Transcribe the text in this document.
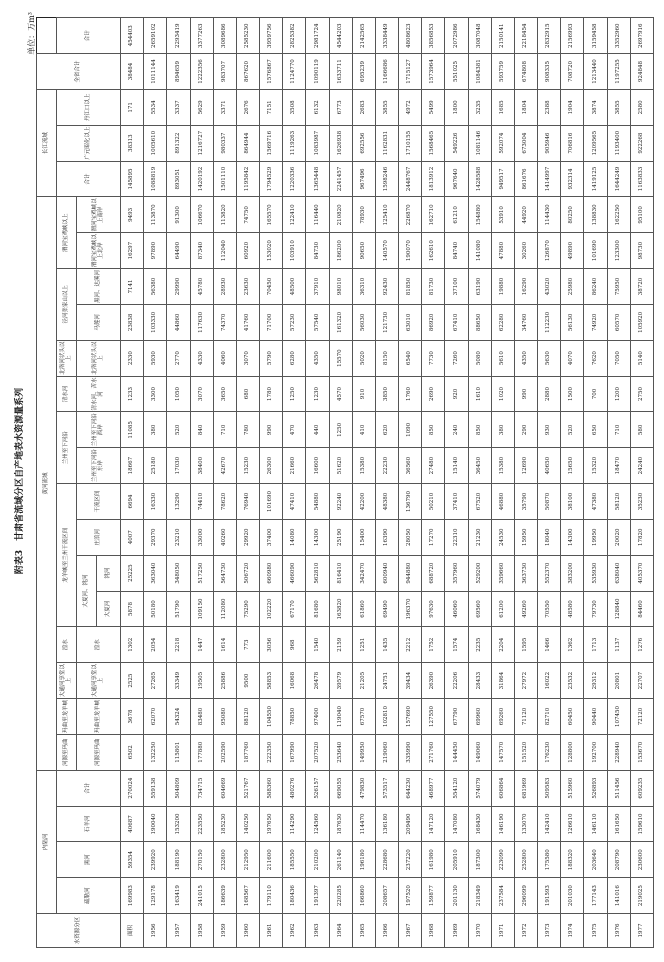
附表3　甘肃省流域分区自产地表水资源量系列
单位：万m³
水资源分区	内陆河				黄河流域																长江流域			全省合计	
	疏勒河	黑河	石羊河	合计	河源至玛曲	玛曲至龙羊峡	大通河享堂以上	湟水	龙羊峡至兰州干流区间				兰州至下河沿		清水河	北洛河状头以上	泾河张家山以上		渭河宝鸡峡以上		合计	广元昭化以上	丹江口以上		合计
					河源至玛曲	玛曲至龙羊峡	大通河享堂以上	湟水	大夏河、洮河		庄浪河	干流区间	兰州至下河沿东岸	兰州至下河沿西岸	清水河、苦水河	北洛河状头以上	马莲河	黑河、达溪河	渭河宝鸡峡以上北岸	渭河宝鸡峡以上南岸					
									大夏河	洮河															
面积	169983	59354	40687	270024	6502	3678	2525	1302	5878	25225	4007	6694	18667	11085	1233	2330	23838	7141	16297	9493	145895	38313	171	38484	454403
1956	129178	239920	190040	559138	132250	62070	27265	2054	50180	363040	29370	16330	25180	380	3300	5930	103330	56380	97890	113870	1088819	1005610	5534	1011144	2659102
1957	163419	188190	153200	504809	115801	54324	33349	2218	51790	348050	23210	13290	17030	520	1050	2770	44860	29990	64490	91300	893051	891322	3337	894659	2293419
1958	241015	270150	223550	734715	177880	83480	19505	1447	109150	517250	33000	74410	38400	840	3070	4330	117630	45780	87340	106670	1420192	1216727	5629	1222356	3377263
1959	186639	232800	185230	604669	202590	95080	25886	1614	112080	564730	40260	78620	42670	710	3650	4060	74370	28930	112040	113820	1501110	980337	3371	983707	3089686
1960	168567	212950	140250	521767	187760	88120	9500	773	75290	506720	29920	76940	15230	780	680	3070	41760	23630	60920	74750	1195842	864944	2676	867620	2585230
1961	179110	211600	197650	588360	222350	104550	58853	3056	102220	660980	37400	101690	26300	990	1780	5790	71700	70450	153020	165570	1794529	1569716	7151	1576867	3959756
1962	180436	185550	114290	480276	167990	78850	16068	968	67170	466090	14080	47410	21660	470	1250	6280	57230	48500	103910	122410	1220336	1119263	3508	1124770	2825382
1963	191397	210200	124560	526157	207520	97400	26478	1540	81680	562810	14300	54880	16600	440	1230	4350	57540	37910	84730	116440	1365448	1083987	6132	1090119	2981724
1964	220285	261140	187630	669055	253640	119040	39579	2159	163820	816410	25190	92240	51620	1250	4570	15570	161320	98010	186200	210820	2241457	1626938	6773	1633711	4544203
1965	166860	196180	114470	479830	149950	67570	21205	1251	61860	342470	15400	42200	15380	410	910	5020	56030	36310	90650	78930	967496	692556	2683	695239	2142565
1966	208657	228680	136180	573517	219060	102810	24751	1435	69490	600940	16390	48380	22230	620	3850	8150	121730	92430	140570	125410	1598246	1162831	3855	1166686	3338449
1967	197520	237220	209490	644230	335990	157690	39434	2212	196370	944880	28050	136790	36560	1090	1760	6540	63010	81850	190070	226870	2448767	1710155	4972	1715127	4808623
1968	159877	161980	147120	468977	271760	127550	26390	1752	97630	688720	17270	50210	27480	850	2690	7730	86920	81730	162610	162710	1813912	1568465	5499	1573964	3856853
1969	201130	205910	147080	554120	144450	67790	22206	1574	46060	357960	22310	37410	15140	240	920	7260	67410	37100	84740	61210	967640	549226	1800	551025	2072986
1970	218349	187300	168430	574079	149060	69960	28433	2235	69560	529200	21230	67520	36450	850	1610	5080	88650	63190	141080	154880	1428588	1081146	3235	1084381	3087048
1971	237584	223090	146190	606864	147570	69260	31864	2204	61200	359660	24530	46880	15380	380	1020	5610	62280	19880	47880	53910	949517	592074	1685	593759	2150141
1972	296099	252800	133070	681969	151520	71120	27972	1595	49260	363730	15950	35790	12690	290	990	4350	34760	16290	30260	44920	861676	673004	1804	674808	2218454
1973	191593	175580	142410	509583	176230	82710	16022	1466	70550	552370	18040	50870	40650	930	2880	5630	112230	43020	126870	114430	1414997	905946	2388	908335	2832915
1974	201030	188320	126610	515960	128800	60450	23532	1362	48580	383200	14300	38100	15650	520	1500	4070	56130	25980	49890	80250	932314	706816	1904	708720	2156993
1975	177143	203640	146110	526893	192700	90440	29312	1713	79730	535930	19950	47380	15320	650	700	7620	74920	86240	101690	138830	1419125	1209565	3874	1213440	3159458
1976	141016	208790	161650	511456	228940	107450	20801	1137	128840	638040	20020	58120	18470	710	1200	7050	60570	75950	123300	162250	1644249	1193400	3855	1197255	3352960
1977	219025	230600	159610	609235	153670	72120	22707	1276	84460	405370	17820	35230	24240	580	2750	5140	105920	38720	98730	95100	1163833	922268	2580	924848	2697916
